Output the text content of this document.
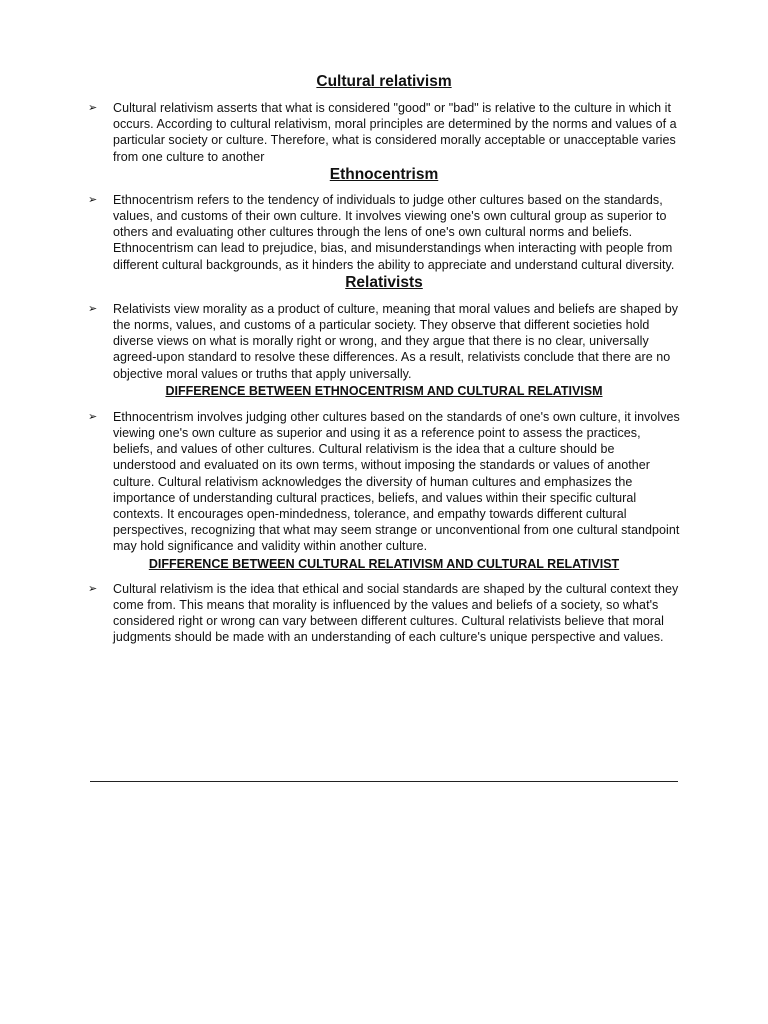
Cultural relativism

➢ Cultural relativism asserts that what is considered "good" or "bad" is relative to the culture in which it occurs. According to cultural relativism, moral principles are determined by the norms and values of a particular society or culture. Therefore, what is considered morally acceptable or unacceptable varies from one culture to another

Ethnocentrism

➢ Ethnocentrism refers to the tendency of individuals to judge other cultures based on the standards, values, and customs of their own culture. It involves viewing one's own cultural group as superior to others and evaluating other cultures through the lens of one's own cultural norms and beliefs. Ethnocentrism can lead to prejudice, bias, and misunderstandings when interacting with people from different cultural backgrounds, as it hinders the ability to appreciate and understand cultural diversity.

Relativists

➢ Relativists view morality as a product of culture, meaning that moral values and beliefs are shaped by the norms, values, and customs of a particular society. They observe that different societies hold diverse views on what is morally right or wrong, and they argue that there is no clear, universally agreed-upon standard to resolve these differences. As a result, relativists conclude that there are no objective moral values or truths that apply universally.

DIFFERENCE BETWEEN ETHNOCENTRISM AND CULTURAL RELATIVISM

➢ Ethnocentrism involves judging other cultures based on the standards of one's own culture, it involves viewing one's own culture as superior and using it as a reference point to assess the practices, beliefs, and values of other cultures. Cultural relativism is the idea that a culture should be understood and evaluated on its own terms, without imposing the standards or values of another culture. Cultural relativism acknowledges the diversity of human cultures and emphasizes the importance of understanding cultural practices, beliefs, and values within their specific cultural contexts. It encourages open-mindedness, tolerance, and empathy towards different cultural perspectives, recognizing that what may seem strange or unconventional from one cultural standpoint may hold significance and validity within another culture.

DIFFERENCE BETWEEN CULTURAL RELATIVISM AND CULTURAL RELATIVIST

➢ Cultural relativism is the idea that ethical and social standards are shaped by the cultural context they come from. This means that morality is influenced by the values and beliefs of a society, so what's considered right or wrong can vary between different cultures. Cultural relativists believe that moral judgments should be made with an understanding of each culture's unique perspective and values.
